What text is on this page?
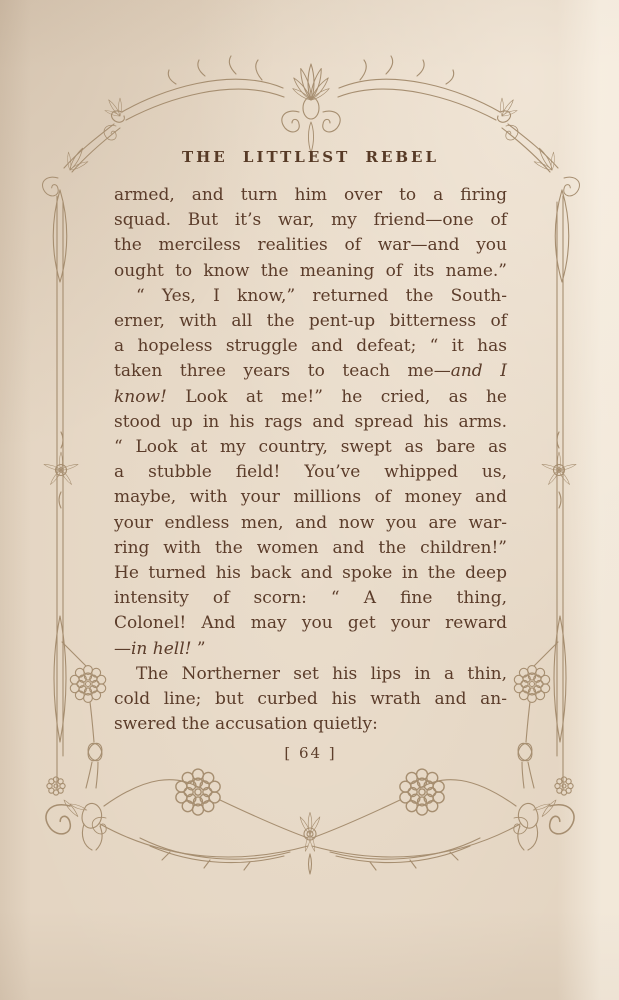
THE LITTLEST REBEL
armed, and turn him over to a firing
squad. But it’s war, my friend—one of
the merciless realities of war—and you
ought to know the meaning of its name.”
“ Yes, I know,” returned the South-
erner, with all the pent-up bitterness of
a hopeless struggle and defeat; “ it has
taken three years to teach me—and I
know! Look at me!” he cried, as he
stood up in his rags and spread his arms.
“ Look at my country, swept as bare as
a stubble field! You’ve whipped us,
maybe, with your millions of money and
your endless men, and now you are war-
ring with the women and the children!”
He turned his back and spoke in the deep
intensity of scorn: “ A fine thing,
Colonel! And may you get your reward
—in hell! ”
The Northerner set his lips in a thin,
cold line; but curbed his wrath and an-
swered the accusation quietly:
[ 64 ]
